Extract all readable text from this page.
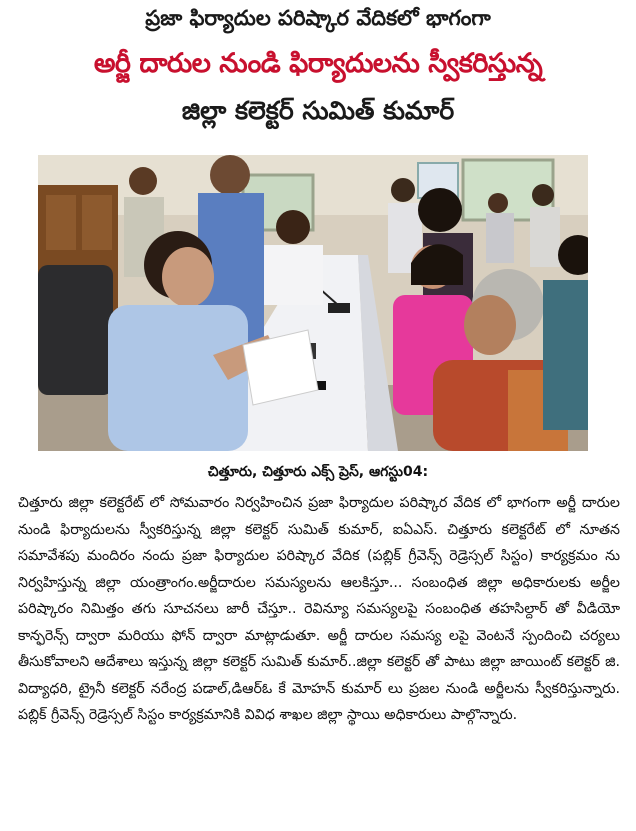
ప్రజా ఫిర్యాదుల పరిష్కార వేదికలో భాగంగా
అర్జీ దారుల నుండి ఫిర్యాదులను స్వీకరిస్తున్న
జిల్లా కలెక్టర్ సుమిత్ కుమార్
చిత్తూరు, చిత్తూరు ఎక్స్ ప్రెస్, ఆగస్టు04:
చిత్తూరు జిల్లా కలెక్టరేట్ లో సోమవారం నిర్వహించిన ప్రజా ఫిర్యాదుల పరిష్కార వేదిక లో భాగంగా అర్జీ దారుల నుండి ఫిర్యాదులను స్వీకరిస్తున్న జిల్లా కలెక్టర్ సుమిత్ కుమార్, ఐఏఎస్. చిత్తూరు కలెక్టరేట్ లో నూతన సమావేశపు మందిరం నందు ప్రజా ఫిర్యాదుల పరిష్కార వేదిక (పబ్లిక్ గ్రీవెన్స్ రెడ్రెస్సల్ సిస్టం) కార్యక్రమం ను నిర్వహిస్తున్న జిల్లా యంత్రాంగం.అర్జీదారుల సమస్యలను ఆలకిస్తూ... సంబంధిత జిల్లా అధికారులకు అర్జీల పరిష్కారం నిమిత్తం తగు సూచనలు జారీ చేస్తూ.. రెవిన్యూ సమస్యలపై సంబంధిత తహసిల్దార్ తో వీడియో కాన్ఫరెన్స్ ద్వారా మరియు ఫోన్ ద్వారా మాట్లాడుతూ. అర్జీ దారుల సమస్య లపై వెంటనే స్పందించి చర్యలు తీసుకోవాలని ఆదేశాలు ఇస్తున్న జిల్లా కలెక్టర్ సుమిత్ కుమార్..జిల్లా కలెక్టర్ తో పాటు జిల్లా జాయింట్ కలెక్టర్ జి. విద్యాధరి, ట్రైనీ కలెక్టర్ నరేంద్ర పడాల్,డిఆర్ఓ కే మోహన్ కుమార్ లు ప్రజల నుండి అర్జీలను స్వీకరిస్తున్నారు. పబ్లిక్ గ్రీవెన్స్ రెడ్రెస్సల్ సిస్టం కార్యక్రమానికి వివిధ శాఖల జిల్లా స్థాయి అధికారులు పాల్గొన్నారు.
